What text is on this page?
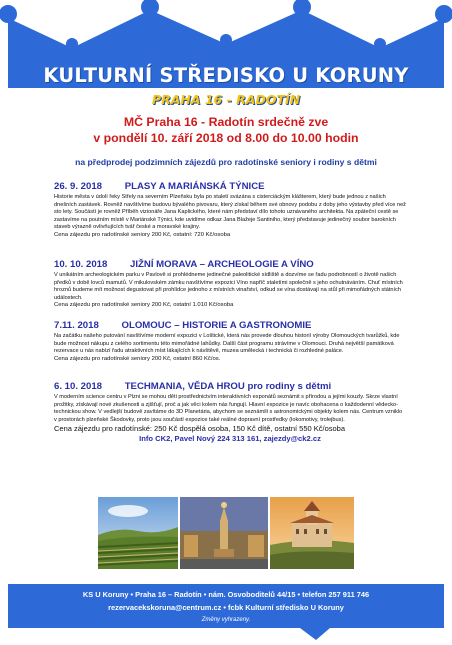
KULTURNÍ STŘEDISKO U KORUNY
PRAHA 16 - RADOTÍN
MČ Praha 16 - Radotín srdečně zve
v pondělí 10. září 2018 od 8.00 do 10.00 hodin
na předprodej podzimních zájezdů pro radotínské seniory i rodiny s dětmi
26. 9. 2018 PLASY A MARIÁNSKÁ TÝNICE
Historie města v údolí řeky Střely na severním Plzeňsku byla po staletí svázána s cisterciáckým klášterem, který bude jednou z našich dnešních zastávek. Rovněž navštívíme budovu bývalého pivovaru, který získal během své obnovy podobu z doby jeho výstavby před více než sto lety. Součástí je rovněž Příběh vizionáře Jana Kaplického, které nám představí dílo tohoto uznávaného architekta. Na zpáteční cestě se zastavíme na poutním místě v Mariánské Týnici, kde uvidíme odkaz Jana Blažeje Santiniho, který představuje jedinečný soubor barokních staveb výrazně ovlivňujících tvář české a moravské krajiny.
Cena zájezdu pro radotínské seniory 200 Kč, ostatní: 720 Kč/osoba
10. 10. 2018 JIŽNÍ MORAVA – ARCHEOLOGIE A VÍNO
V unikátním archeologickém parku v Pavlově si prohlédneme jedinečné paleolitické sídliště a dozvíme se řadu podrobností o životě našich předků v době lovců mamutů. V mikulovském zámku navštívíme expozici Víno napříč staletími společně s jeho ochutnáváním. Chuť místních hroznů budeme mít možnost degustovat při prohlídce jednoho z místních vinařství, odkud se vína dostávají na stůl při mimořádných státních událostech.
Cena zájezdu pro radotínské seniory 200 Kč, ostatní 1.010 Kč/osoba
7.11. 2018 OLOMOUC – HISTORIE A GASTRONOMIE
Na začátku našeho putování navštívíme moderní expozici v Loštické, která nás provede dlouhou historií výroby Olomouckých tvarůžků, kde bude možnost nákupu z celého sortimentu této mimořádné lahůdky. Další část programu strávíme v Olomouci. Druhá největší památková rezervace u nás nabízí řadu atraktivních míst lákajících k návštěvě, muzea umělecká i technická či rozhledné paláce.
Cena zájezdu pro radotínské seniory 200 Kč, ostatní 860 Kč/os.
6. 10. 2018 TECHMANIA, VĚDA HROU pro rodiny s dětmi
V moderním science centru v Plzni se mohou děti prostřednictvím interaktivních exponátů seznámit s přírodou a jejími kouzly. Skrze vlastní prožitky, získávají nové zkušenosti a zjišťují, proč a jak věci kolem nás fungují. Hlavní expozice je navíc obohacena o každodenní vědecko-technickou show. V vedlejší budově zavítáme do 3D Planetária, abychom se seznámili s astronomickými objekty kolem nás. Centrum vzniklo v prostorách plzeňské Škodovky, proto jsou součástí expozice také reálné dopravní prostředky (lokomotivy, trolejbus).
Cena zájezdu pro radotínské: 250 Kč dospělá osoba, 150 Kč dítě, ostatní 550 Kč/osoba
Info CK2, Pavel Nový 224 313 161, zajezdy@ck2.cz
KS U Koruny • Praha 16 – Radotín • nám. Osvoboditelů 44/15 • telefon 257 911 746
rezervacekskoruna@centrum.cz • fcbk Kulturní středisko U Koruny
Změny vyhrazeny.
